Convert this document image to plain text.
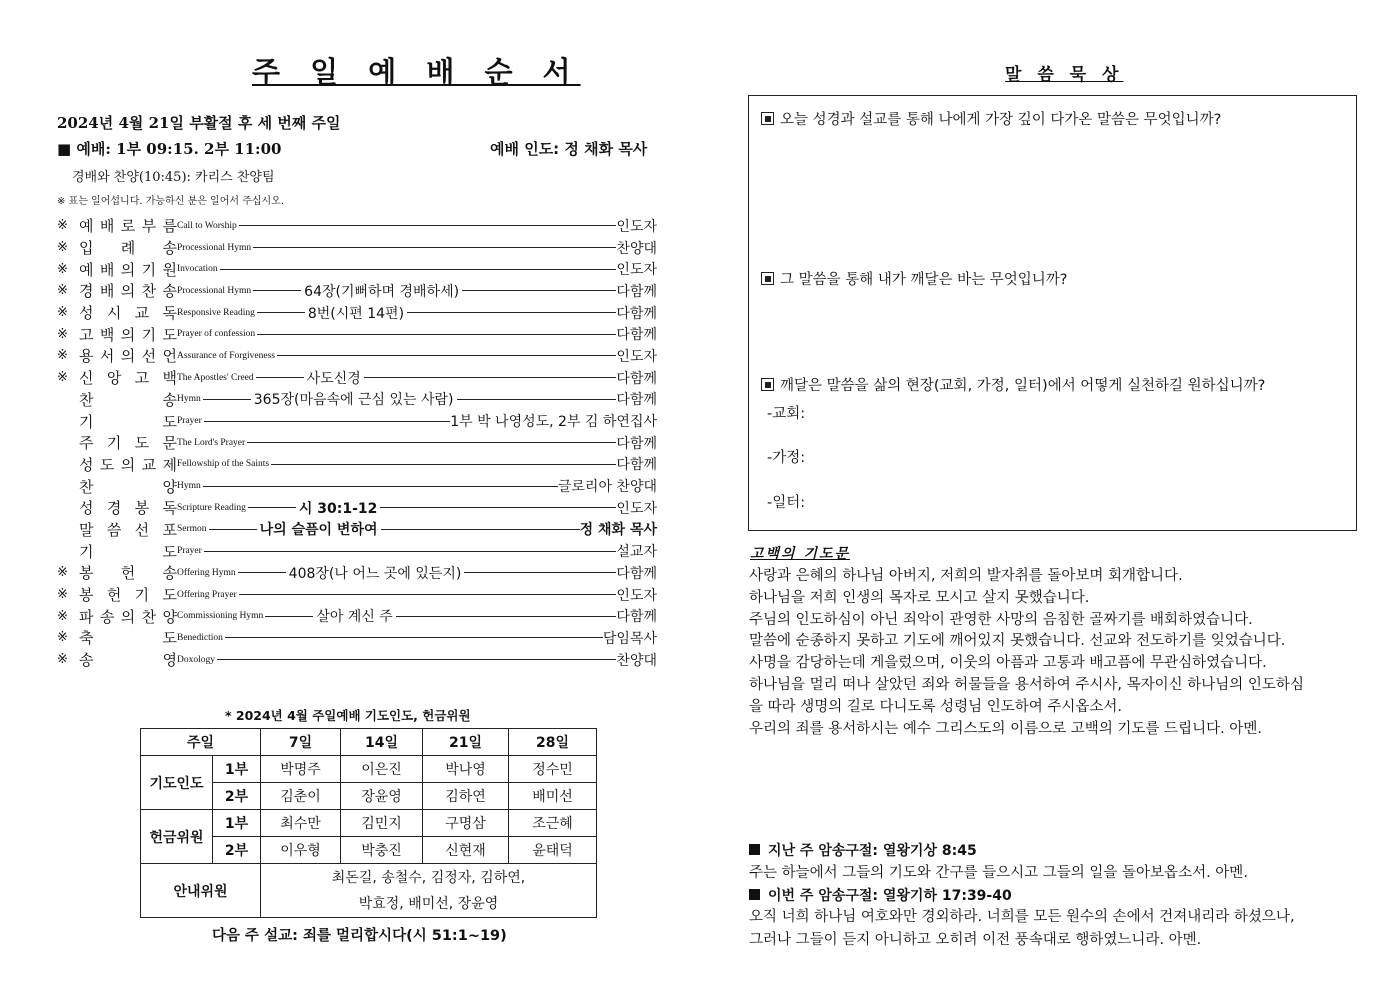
주 일 예 배 순 서
2024년 4월 21일 부활절 후 세 번째 주일
■ 예배: 1부 09:15. 2부 11:00	예배 인도: 정 채화 목사
경배와 찬양(10:45): 카리스 찬양팀
※ 표는 일어섭니다. 가능하신 분은 일어서 주십시오.
※ 예 배 로 부 름 Call to Worship	인도자
※ 입 례 송 Processional Hymn	찬양대
※ 예 배 의 기 원 Invocation	인도자
※ 경 배 의 찬 송 Processional Hymn	64장(기뻐하며 경배하세)	다함께
※ 성 시 교 독 Responsive Reading	8번(시편 14편)	다함께
※ 고 백 의 기 도 Prayer of confession	다함께
※ 용 서 의 선 언 Assurance of Forgiveness	인도자
※ 신 앙 고 백 The Apostles' Creed	사도신경	다함께
찬	송 Hymn	365장(마음속에 근심 있는 사람)	다함께
기	도 Prayer	1부 박 나영성도, 2부 김 하연집사
주 기 도 문 The Lord's Prayer	다함께
성 도 의 교 제 Fellowship of the Saints	다함께
찬	양 Hymn	글로리아 찬양대
성 경 봉 독 Scripture Reading	시 30:1-12	인도자
말 씀 선 포 Sermon	나의 슬픔이 변하여	정 채화 목사
기	도 Prayer	설교자
※ 봉 헌 송 Offering Hymn	408장(나 어느 곳에 있든지)	다함께
※ 봉 헌 기 도 Offering Prayer	인도자
※ 파 송 의 찬 양 Commissioning Hymn	살아 계신 주	다함께
※ 축	도 Benediction	담임목사
※ 송	영 Doxology	찬양대
* 2024년 4월 주일예배 기도인도, 헌금위원
주일		7일	14일	21일	28일
기도인도	1부	박명주	이은진	박나영	정수민
	2부	김춘이	장윤영	김하연	배미선
헌금위원	1부	최수만	김민지	구명삼	조근혜
	2부	이우형	박충진	신현재	윤태덕
안내위원		최돈길, 송철수, 김정자, 김하연,
박효정, 배미선, 장윤영			
다음 주 설교: 죄를 멀리합시다(시 51:1~19)
말 씀 묵 상
오늘 성경과 설교를 통해 나에게 가장 깊이 다가온 말씀은 무엇입니까?
그 말씀을 통해 내가 깨달은 바는 무엇입니까?
깨달은 말씀을 삶의 현장(교회, 가정, 일터)에서 어떻게 실천하길 원하십니까?
-교회:
-가정:
-일터:
고백의 기도문

사랑과 은혜의 하나님 아버지, 저희의 발자취를 돌아보며 회개합니다.

하나님을 저희 인생의 목자로 모시고 살지 못했습니다.

주님의 인도하심이 아닌 죄악이 관영한 사망의 음침한 골짜기를 배회하였습니다.

말씀에 순종하지 못하고 기도에 깨어있지 못했습니다. 선교와 전도하기를 잊었습니다.

사명을 감당하는데 게을렀으며, 이웃의 아픔과 고통과 배고픔에 무관심하였습니다.

하나님을 멀리 떠나 살았던 죄와 허물들을 용서하여 주시사, 목자이신 하나님의 인도하심

을 따라 생명의 길로 다니도록 성령님 인도하여 주시옵소서.

우리의 죄를 용서하시는 예수 그리스도의 이름으로 고백의 기도를 드립니다. 아멘.

지난 주 암송구절: 열왕기상 8:45
주는 하늘에서 그들의 기도와 간구를 들으시고 그들의 일을 돌아보옵소서. 아멘.
이번 주 암송구절: 열왕기하 17:39-40
오직 너희 하나님 여호와만 경외하라. 너희를 모든 원수의 손에서 건져내리라 하셨으나,
그러나 그들이 듣지 아니하고 오히려 이전 풍속대로 행하였느니라. 아멘.
